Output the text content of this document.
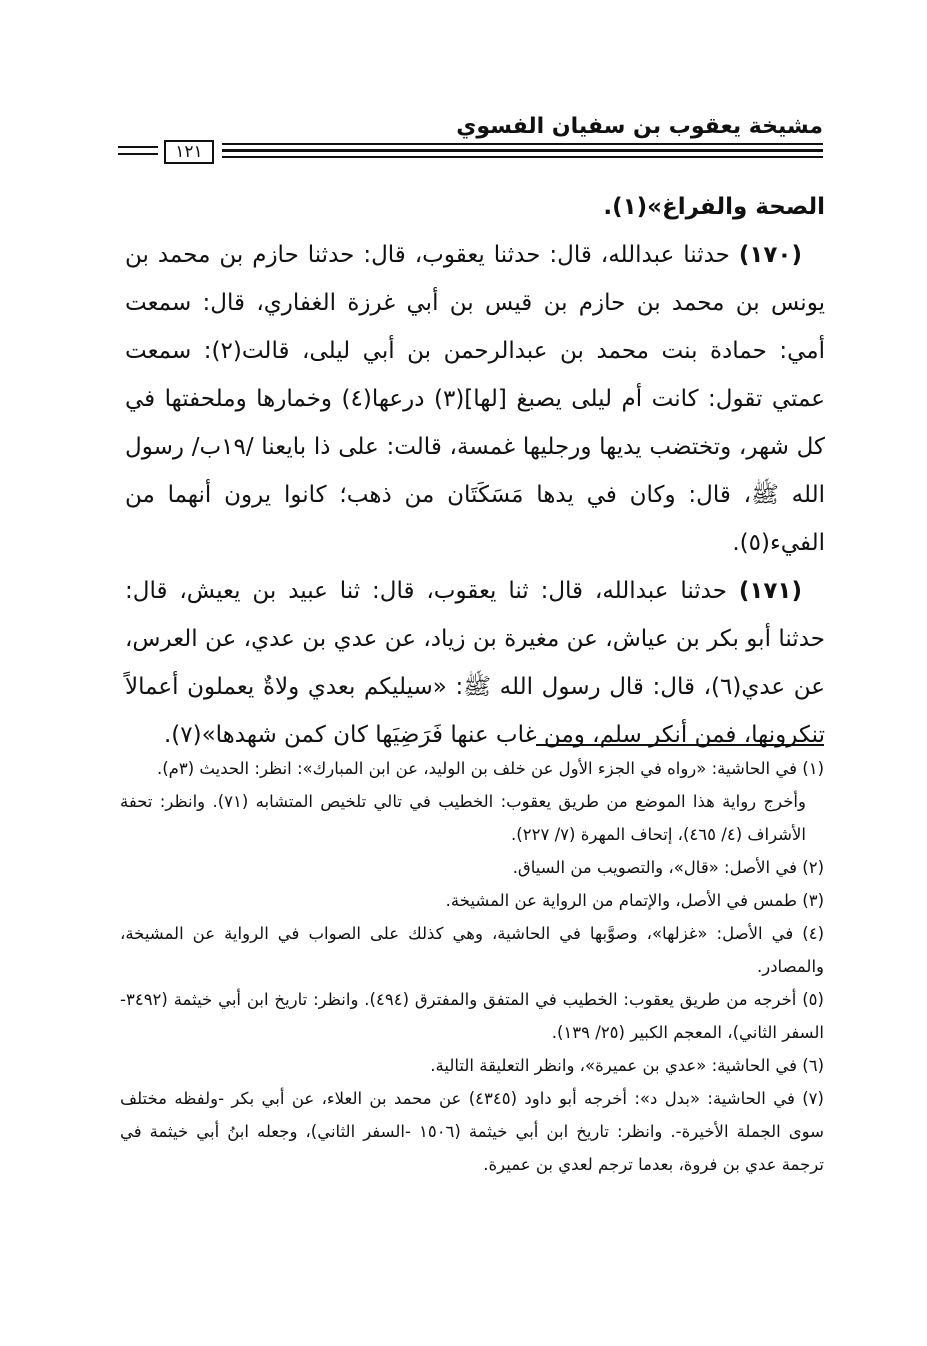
مشيخة يعقوب بن سفيان الفسوي
١٢١

الصحة والفراغ»(١).

 (١٧٠) حدثنا عبدالله، قال: حدثنا يعقوب، قال: حدثنا حازم بن محمد بن يونس بن محمد بن حازم بن قيس بن أبي غرزة الغفاري، قال: سمعت أمي: حمادة بنت محمد بن عبدالرحمن بن أبي ليلى، قالت(٢): سمعت عمتي تقول: كانت أم ليلى يصبغ [لها](٣) درعها(٤) وخمارها وملحفتها في كل شهر، وتختضب يديها ورجليها غمسة، قالت: على ذا بايعنا /١٩ب/ رسول الله ﷺ، قال: وكان في يدها مَسَكَتَان من ذهب؛ كانوا يرون أنهما من الفيء(٥).

 (١٧١) حدثنا عبدالله، قال: ثنا يعقوب، قال: ثنا عبيد بن يعيش، قال: حدثنا أبو بكر بن عياش، عن مغيرة بن زياد، عن عدي بن عدي، عن العرس، عن عدي(٦)، قال: قال رسول الله ﷺ: «سيليكم بعدي ولاةٌ يعملون أعمالاً تنكرونها، فمن أنكر سلم، ومن غاب عنها فَرَضِيَها كان كمن شهدها»(٧).

(١) في الحاشية: «رواه في الجزء الأول عن خلف بن الوليد، عن ابن المبارك»: انظر: الحديث (٣م).

وأخرج رواية هذا الموضع من طريق يعقوب: الخطيب في تالي تلخيص المتشابه (٧١). وانظر: تحفة الأشراف (٤/ ٤٦٥)، إتحاف المهرة (٧/ ٢٢٧).

(٢) في الأصل: «قال»، والتصويب من السياق.

(٣) طمس في الأصل، والإتمام من الرواية عن المشيخة.

(٤) في الأصل: «غزلها»، وصوَّبها في الحاشية، وهي كذلك على الصواب في الرواية عن المشيخة، والمصادر.

(٥) أخرجه من طريق يعقوب: الخطيب في المتفق والمفترق (٤٩٤). وانظر: تاريخ ابن أبي خيثمة (٣٤٩٢-السفر الثاني)، المعجم الكبير (٢٥/ ١٣٩).

(٦) في الحاشية: «عدي بن عميرة»، وانظر التعليقة التالية.

(٧) في الحاشية: «بدل د»: أخرجه أبو داود (٤٣٤٥) عن محمد بن العلاء، عن أبي بكر -ولفظه مختلف سوى الجملة الأخيرة-. وانظر: تاريخ ابن أبي خيثمة (١٥٠٦ -السفر الثاني)، وجعله ابنُ أبي خيثمة في ترجمة عدي بن فروة، بعدما ترجم لعدي بن عميرة.
